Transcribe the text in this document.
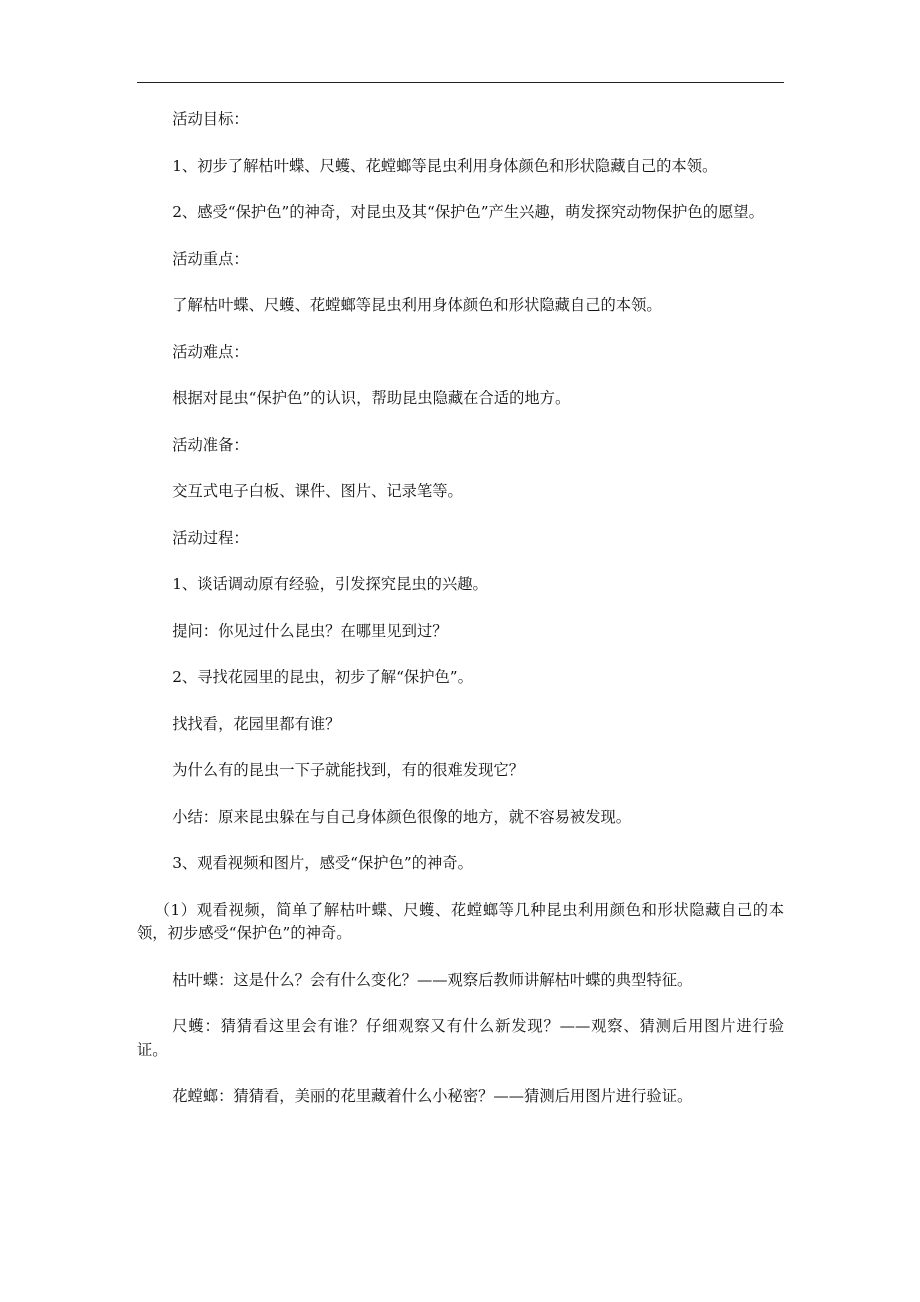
活动目标：

1、初步了解枯叶蝶、尺蠖、花螳螂等昆虫利用身体颜色和形状隐藏自己的本领。

2、感受“保护色”的神奇，对昆虫及其“保护色”产生兴趣，萌发探究动物保护色的愿望。

活动重点：

了解枯叶蝶、尺蠖、花螳螂等昆虫利用身体颜色和形状隐藏自己的本领。

活动难点：

根据对昆虫“保护色”的认识，帮助昆虫隐藏在合适的地方。

活动准备：

交互式电子白板、课件、图片、记录笔等。

活动过程：

1、谈话调动原有经验，引发探究昆虫的兴趣。

提问：你见过什么昆虫？在哪里见到过？

2、寻找花园里的昆虫，初步了解“保护色”。

找找看，花园里都有谁？

为什么有的昆虫一下子就能找到，有的很难发现它？

小结：原来昆虫躲在与自己身体颜色很像的地方，就不容易被发现。

3、观看视频和图片，感受“保护色”的神奇。

（1）观看视频，简单了解枯叶蝶、尺蠖、花螳螂等几种昆虫利用颜色和形状隐藏自己的本领，初步感受“保护色”的神奇。

枯叶蝶：这是什么？会有什么变化？——观察后教师讲解枯叶蝶的典型特征。

尺蠖：猜猜看这里会有谁？仔细观察又有什么新发现？——观察、猜测后用图片进行验证。

花螳螂：猜猜看，美丽的花里藏着什么小秘密？——猜测后用图片进行验证。
